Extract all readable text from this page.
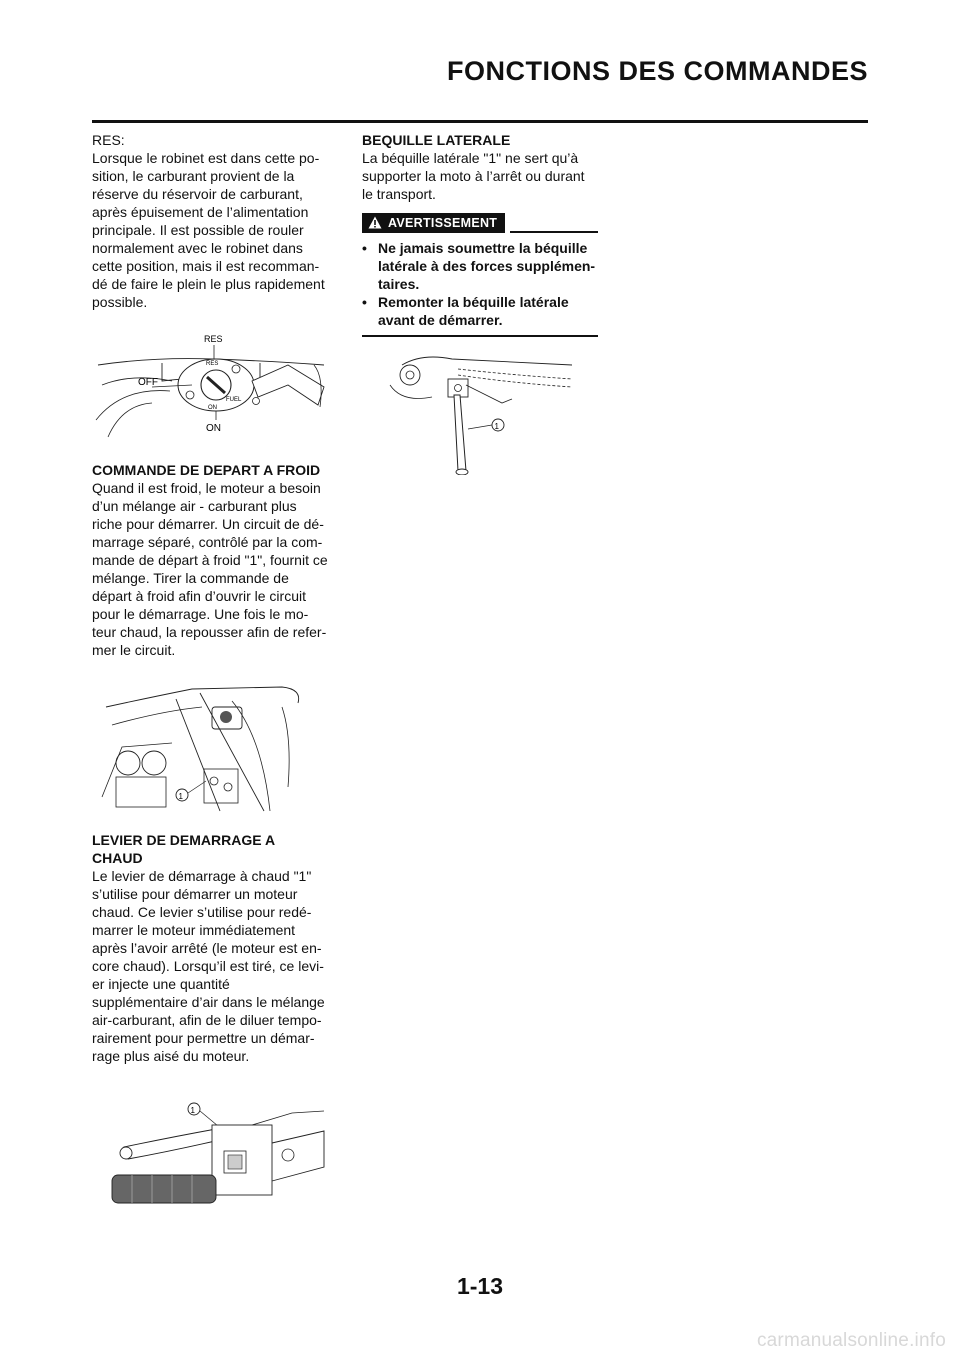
FONCTIONS DES COMMANDES

RES:

Lorsque le robinet est dans cette po-
sition, le carburant provient de la
réserve du réservoir de carburant,
après épuisement de l’alimentation
principale. Il est possible de rouler
normalement avec le robinet dans
cette position, mais il est recomman-
dé de faire le plein le plus rapidement
possible.

RES
RES
ON
FUEL
OFF
ON

COMMANDE DE DEPART A FROID

Quand il est froid, le moteur a besoin
d’un mélange air - carburant plus
riche pour démarrer. Un circuit de dé-
marrage séparé, contrôlé par la com-
mande de départ à froid "1", fournit ce
mélange. Tirer la commande de
départ à froid afin d’ouvrir le circuit
pour le démarrage. Une fois le mo-
teur chaud, la repousser afin de refer-
mer le circuit.

1

LEVIER DE DEMARRAGE A
CHAUD

Le levier de démarrage à chaud "1"
s’utilise pour démarrer un moteur
chaud. Ce levier s’utilise pour redé-
marrer le moteur immédiatement
après l’avoir arrêté (le moteur est en-
core chaud). Lorsqu’il est tiré, ce levi-
er injecte une quantité
supplémentaire d’air dans le mélange
air-carburant, afin de le diluer tempo-
rairement pour permettre un démar-
rage plus aisé du moteur.

1

BEQUILLE LATERALE

La béquille latérale "1" ne sert qu’à
supporter la moto à l’arrêt ou durant
le transport.

AVERTISSEMENT
• Ne jamais soumettre la béquille
latérale à des forces supplémen-
taires.
• Remonter la béquille latérale
avant de démarrer.
1
1-13
carmanualsonline.info
